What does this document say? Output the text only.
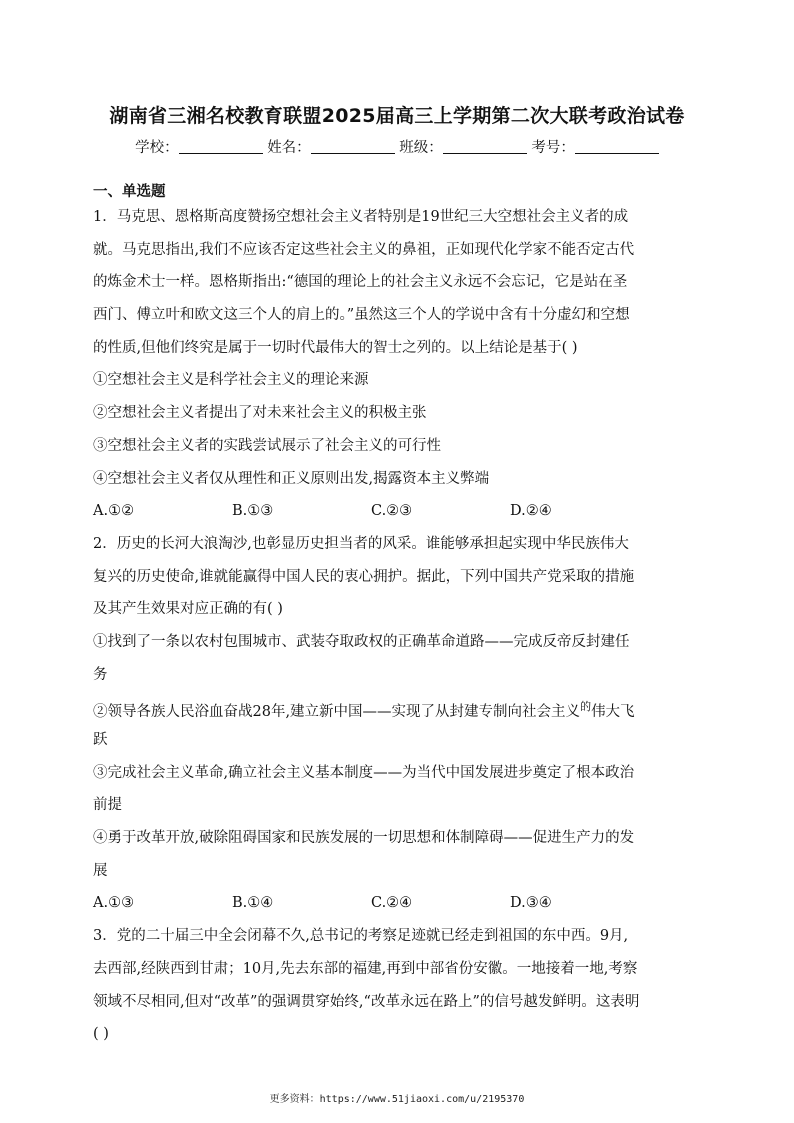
湖南省三湘名校教育联盟2025届高三上学期第二次大联考政治试卷
学校：	姓名：	班级：	考号：
一、单选题
1．马克思、恩格斯高度赞扬空想社会主义者特别是19世纪三大空想社会主义者的成
就。马克思指出,我们不应该否定这些社会主义的鼻祖，正如现代化学家不能否定古代
的炼金术士一样。恩格斯指出:“德国的理论上的社会主义永远不会忘记，它是站在圣
西门、傅立叶和欧文这三个人的肩上的。”虽然这三个人的学说中含有十分虚幻和空想
的性质,但他们终究是属于一切时代最伟大的智士之列的。以上结论是基于( )
①空想社会主义是科学社会主义的理论来源
②空想社会主义者提出了对未来社会主义的积极主张
③空想社会主义者的实践尝试展示了社会主义的可行性
④空想社会主义者仅从理性和正义原则出发,揭露资本主义弊端
A.①②	B.①③	C.②③	D.②④
2．历史的长河大浪淘沙,也彰显历史担当者的风采。谁能够承担起实现中华民族伟大
复兴的历史使命,谁就能赢得中国人民的衷心拥护。据此，下列中国共产党采取的措施
及其产生效果对应正确的有( )
①找到了一条以农村包围城市、武装夺取政权的正确革命道路——完成反帝反封建任
务
②领导各族人民浴血奋战28年,建立新中国——实现了从封建专制向社会主义$^的$伟大飞
跃
③完成社会主义革命,确立社会主义基本制度——为当代中国发展进步奠定了根本政治
前提
④勇于改革开放,破除阻碍国家和民族发展的一切思想和体制障碍——促进生产力的发
展
A.①③	B.①④	C.②④	D.③④
3．党的二十届三中全会闭幕不久,总书记的考察足迹就已经走到祖国的东中西。9月,
去西部,经陕西到甘肃；10月,先去东部的福建,再到中部省份安徽。一地接着一地,考察
领域不尽相同,但对“改革”的强调贯穿始终,“改革永远在路上”的信号越发鲜明。这表明
( )
更多资料：https://www.51jiaoxi.com/u/2195370
